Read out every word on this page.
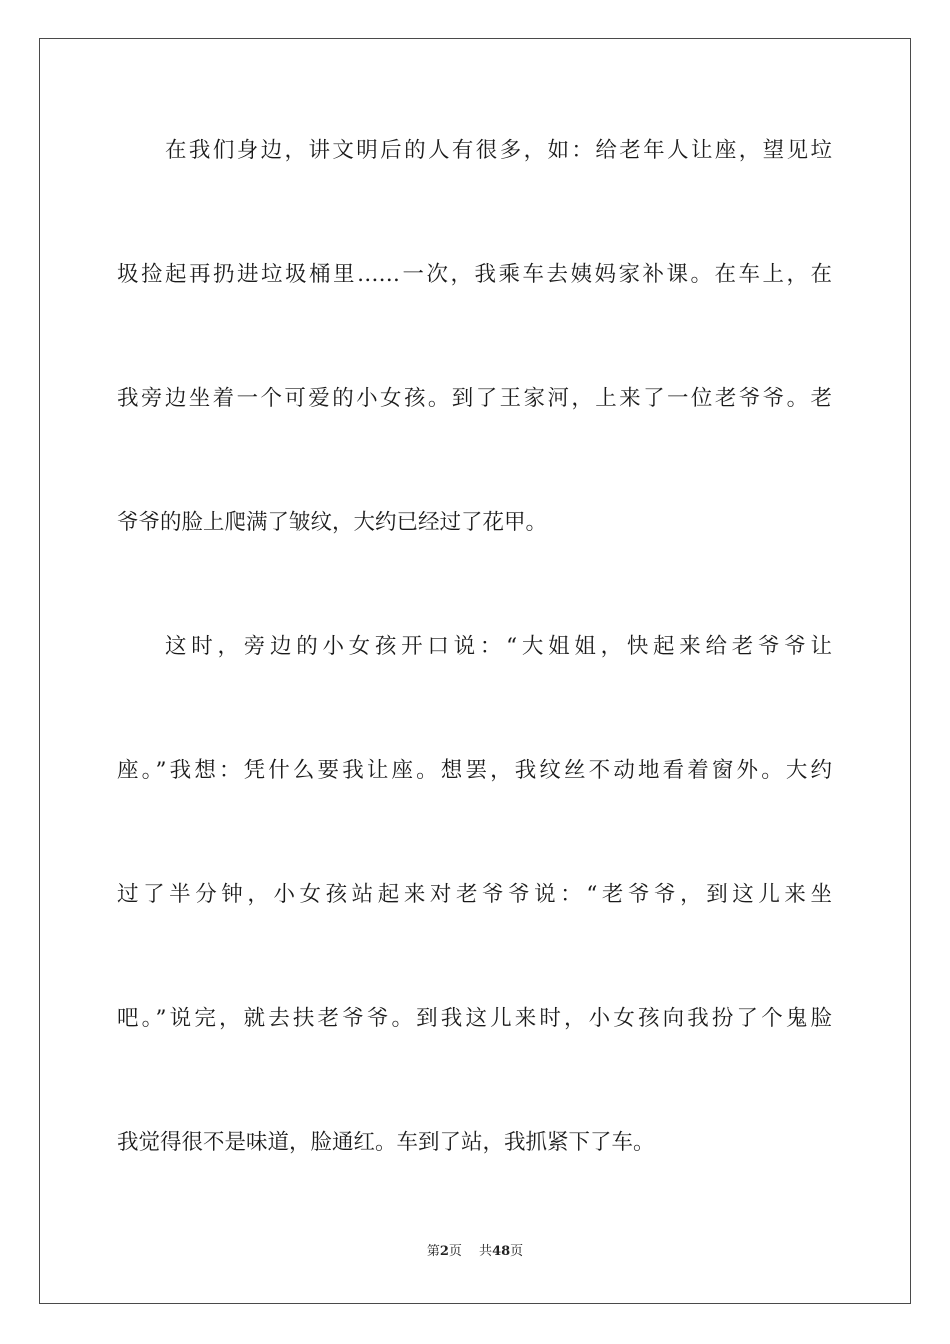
在我们身边，讲文明后的人有很多，如：给老年人让座，望见垃
圾捡起再扔进垃圾桶里……一次，我乘车去姨妈家补课。在车上，在
我旁边坐着一个可爱的小女孩。到了王家河，上来了一位老爷爷。老
爷爷的脸上爬满了皱纹，大约已经过了花甲。
这时，旁边的小女孩开口说：“大姐姐，快起来给老爷爷让
座。”我想：凭什么要我让座。想罢，我纹丝不动地看着窗外。大约
过了半分钟，小女孩站起来对老爷爷说：“老爷爷，到这儿来坐
吧。”说完，就去扶老爷爷。到我这儿来时，小女孩向我扮了个鬼脸
我觉得很不是味道，脸通红。车到了站，我抓紧下了车。
第2页   共48页
